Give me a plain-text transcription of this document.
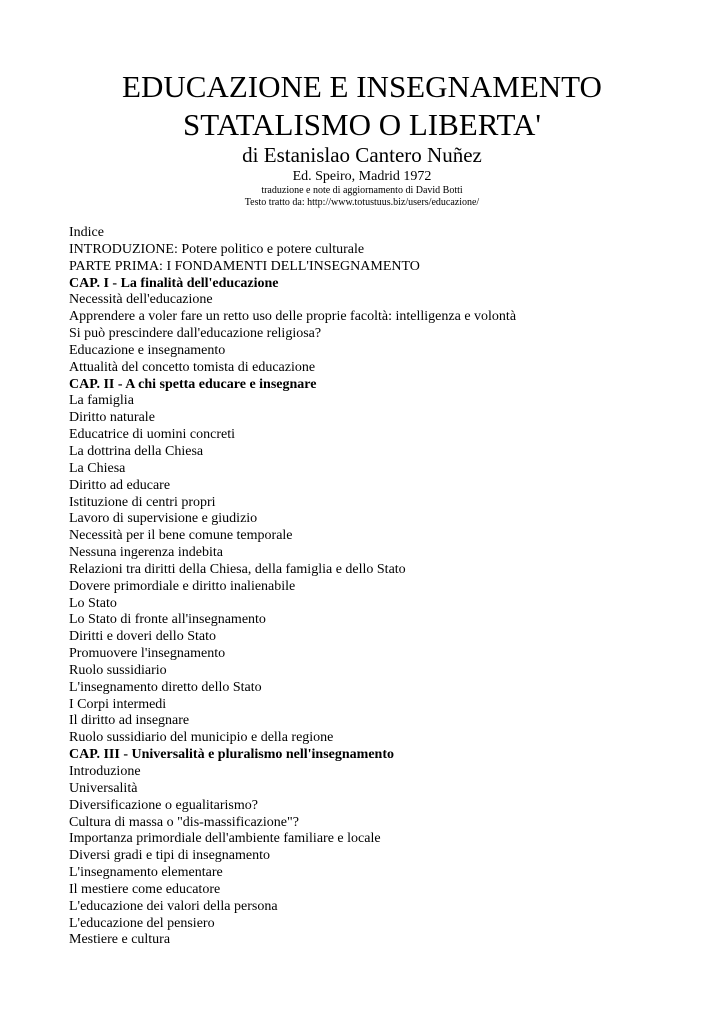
EDUCAZIONE E INSEGNAMENTO
STATALISMO O LIBERTA'
di Estanislao Cantero Nuñez
Ed. Speiro, Madrid 1972
traduzione e note di aggiornamento di David Botti
Testo tratto da: http://www.totustuus.biz/users/educazione/
Indice
INTRODUZIONE: Potere politico e potere culturale
PARTE PRIMA: I FONDAMENTI DELL'INSEGNAMENTO
CAP. I - La finalità dell'educazione
Necessità dell'educazione
Apprendere a voler fare un retto uso delle proprie facoltà: intelligenza e volontà
Si può prescindere dall'educazione religiosa?
Educazione e insegnamento
Attualità del concetto tomista di educazione
CAP. II - A chi spetta educare e insegnare
La famiglia
Diritto naturale
Educatrice di uomini concreti
La dottrina della Chiesa
La Chiesa
Diritto ad educare
Istituzione di centri propri
Lavoro di supervisione e giudizio
Necessità per il bene comune temporale
Nessuna ingerenza indebita
Relazioni tra diritti della Chiesa, della famiglia e dello Stato
Dovere primordiale e diritto inalienabile
Lo Stato
Lo Stato di fronte all'insegnamento
Diritti e doveri dello Stato
Promuovere l'insegnamento
Ruolo sussidiario
L'insegnamento diretto dello Stato
I Corpi intermedi
Il diritto ad insegnare
Ruolo sussidiario del municipio e della regione
CAP. III - Universalità e pluralismo nell'insegnamento
Introduzione
Universalità
Diversificazione o egualitarismo?
Cultura di massa o "dis-massificazione"?
Importanza primordiale dell'ambiente familiare e locale
Diversi gradi e tipi di insegnamento
L'insegnamento elementare
Il mestiere come educatore
L'educazione dei valori della persona
L'educazione del pensiero
Mestiere e cultura
